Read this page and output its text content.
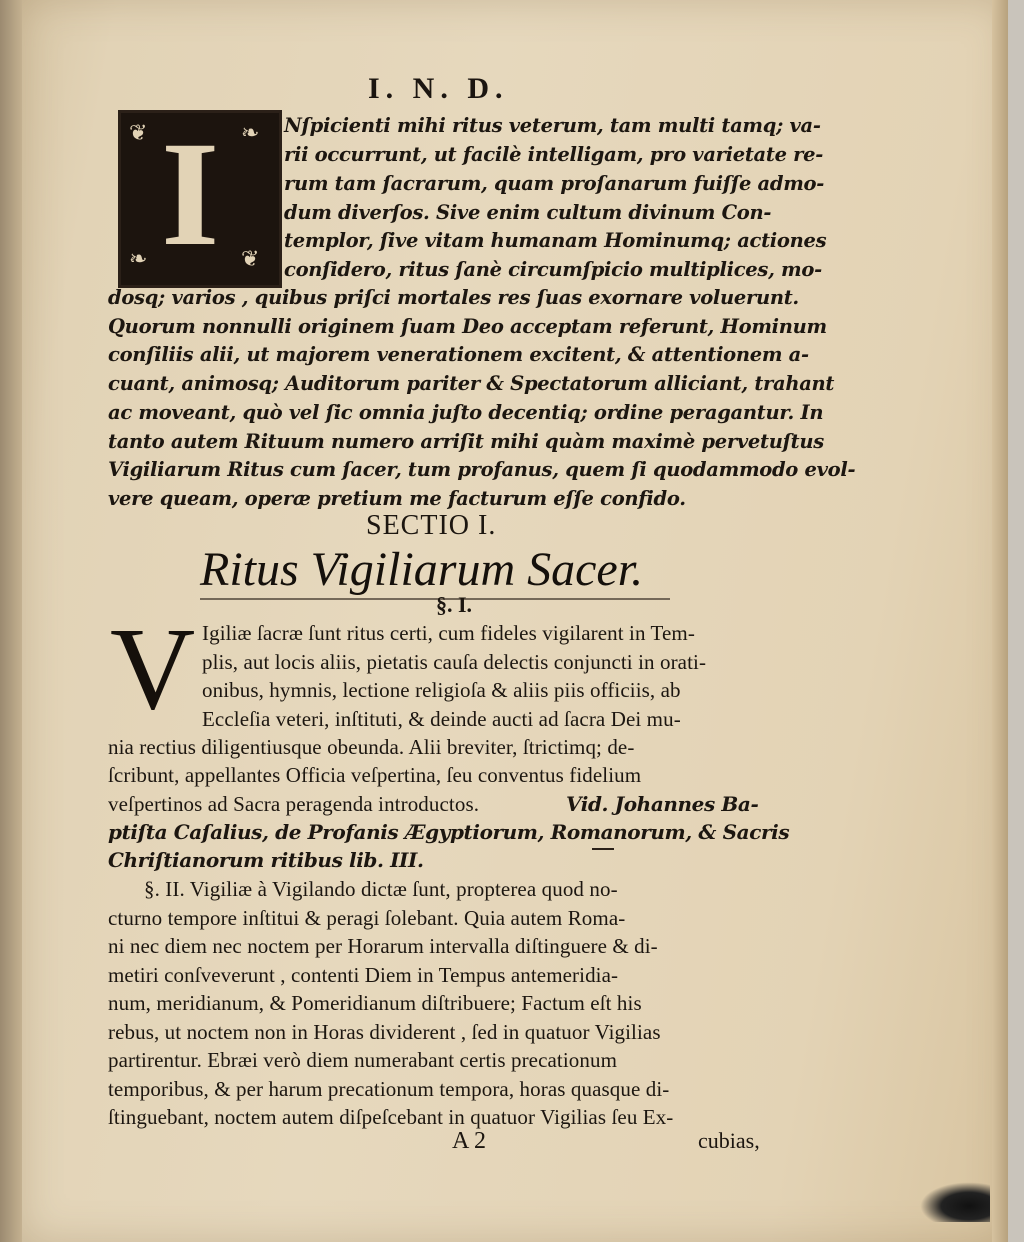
I. N. D.
❦	❧
❧	❦
I	Nſpicienti mihi ritus veterum, tam multi tamq; va-
rii occurrunt, ut facilè intelligam, pro varietate re-
rum tam ſacrarum, quam proſanarum fuiſſe admo-
dum diverſos. Sive enim cultum divinum Con-
templor, ſive vitam humanam Hominumq; actiones
conſidero, ritus ſanè circumſpicio multiplices, mo-
dosq; varios , quibus priſci mortales res ſuas exornare voluerunt.
Quorum nonnulli originem ſuam Deo acceptam referunt, Hominum
conſiliis alii, ut majorem venerationem excitent, & attentionem a-
cuant, animosq; Auditorum pariter & Spectatorum alliciant, trahant
ac moveant, quò vel ſic omnia juſto decentiq; ordine peragantur. In
tanto autem Rituum numero arriſit mihi quàm maximè pervetuſtus
Vigiliarum Ritus cum ſacer, tum profanus, quem ſi quodammodo evol-
vere queam, operæ pretium me facturum eſſe confido.
SECTIO I.
Ritus Vigiliarum Sacer.
§. I.
V Igiliæ ſacræ ſunt ritus certi, cum fideles vigilarent in Tem-
plis, aut locis aliis, pietatis cauſa delectis conjuncti in orati-
onibus, hymnis, lectione religioſa & aliis piis officiis, ab
Eccleſia veteri, inſtituti, & deinde aucti ad ſacra Dei mu-
nia rectius diligentiusque obeunda. Alii breviter, ſtrictimq; de-
ſcribunt, appellantes Officia veſpertina, ſeu conventus fidelium
veſpertinos ad Sacra peragenda introductos.	Vid. Johannes Ba-
ptiſta Caſalius, de Profanis Ægyptiorum, Romanorum, & Sacris
Chriſtianorum ritibus lib. III.
§. II. Vigiliæ à Vigilando dictæ ſunt, propterea quod no-
cturno tempore inſtitui & peragi ſolebant. Quia autem Roma-
ni nec diem nec noctem per Horarum intervalla diſtinguere & di-
metiri conſveverunt , contenti Diem in Tempus antemeridia-
num, meridianum, & Pomeridianum diſtribuere; Factum eſt his
rebus, ut noctem non in Horas dividerent , ſed in quatuor Vigilias
partirentur. Ebræi verò diem numerabant certis precationum
temporibus, & per harum precationum tempora, horas quasque di-
ſtinguebant, noctem autem diſpeſcebant in quatuor Vigilias ſeu Ex-
A 2	cubias,
